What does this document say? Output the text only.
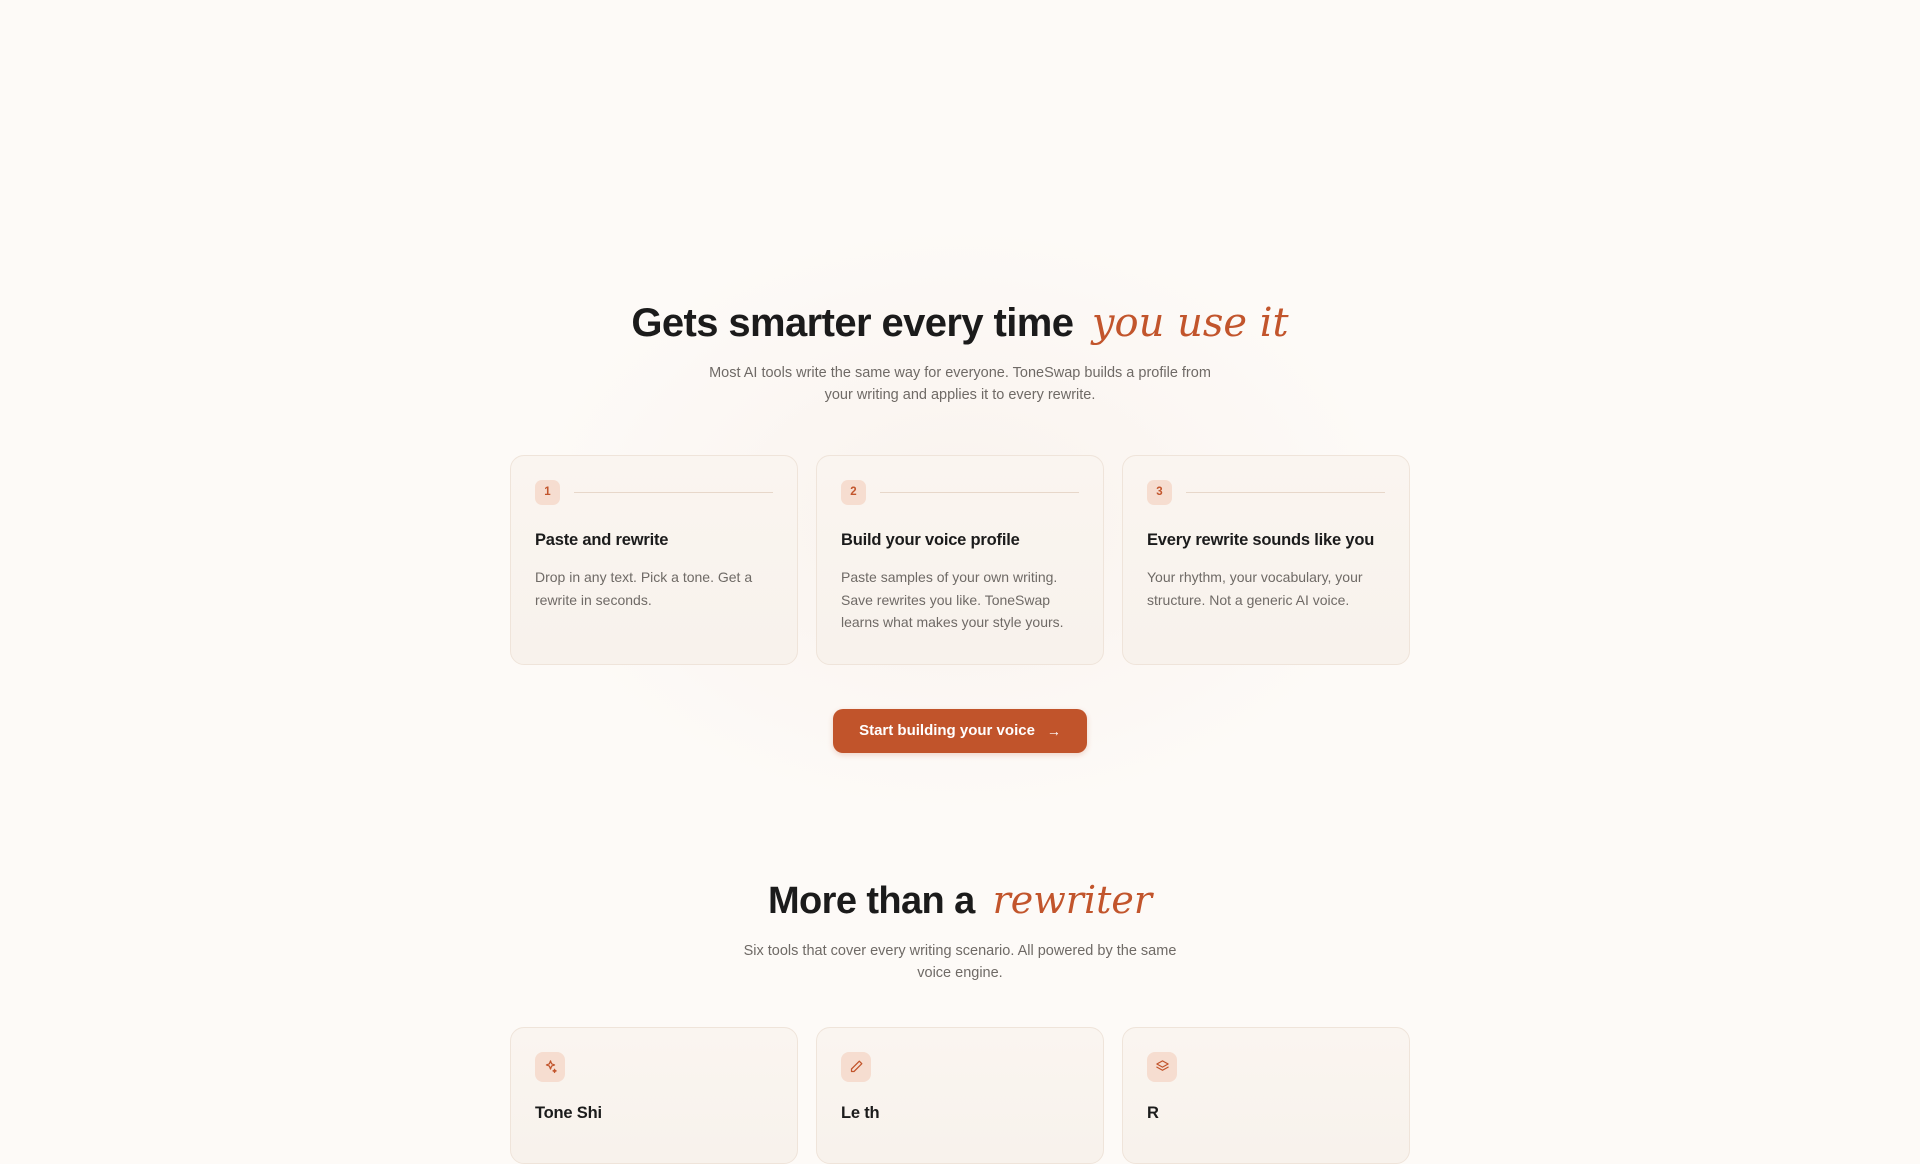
Gets smarter every time you use it

Most AI tools write the same way for everyone. ToneSwap builds a profile from your writing and applies it to every rewrite.

1
Paste and rewrite
Drop in any text. Pick a tone. Get a rewrite in seconds.
2
Build your voice profile
Paste samples of your own writing. Save rewrites you like. ToneSwap learns what makes your style yours.
3
Every rewrite sounds like you
Your rhythm, your vocabulary, your structure. Not a generic AI voice.
Start building your voice →
More than a rewriter

Six tools that cover every writing scenario. All powered by the same voice engine.

Tone Shi	Le th	R
